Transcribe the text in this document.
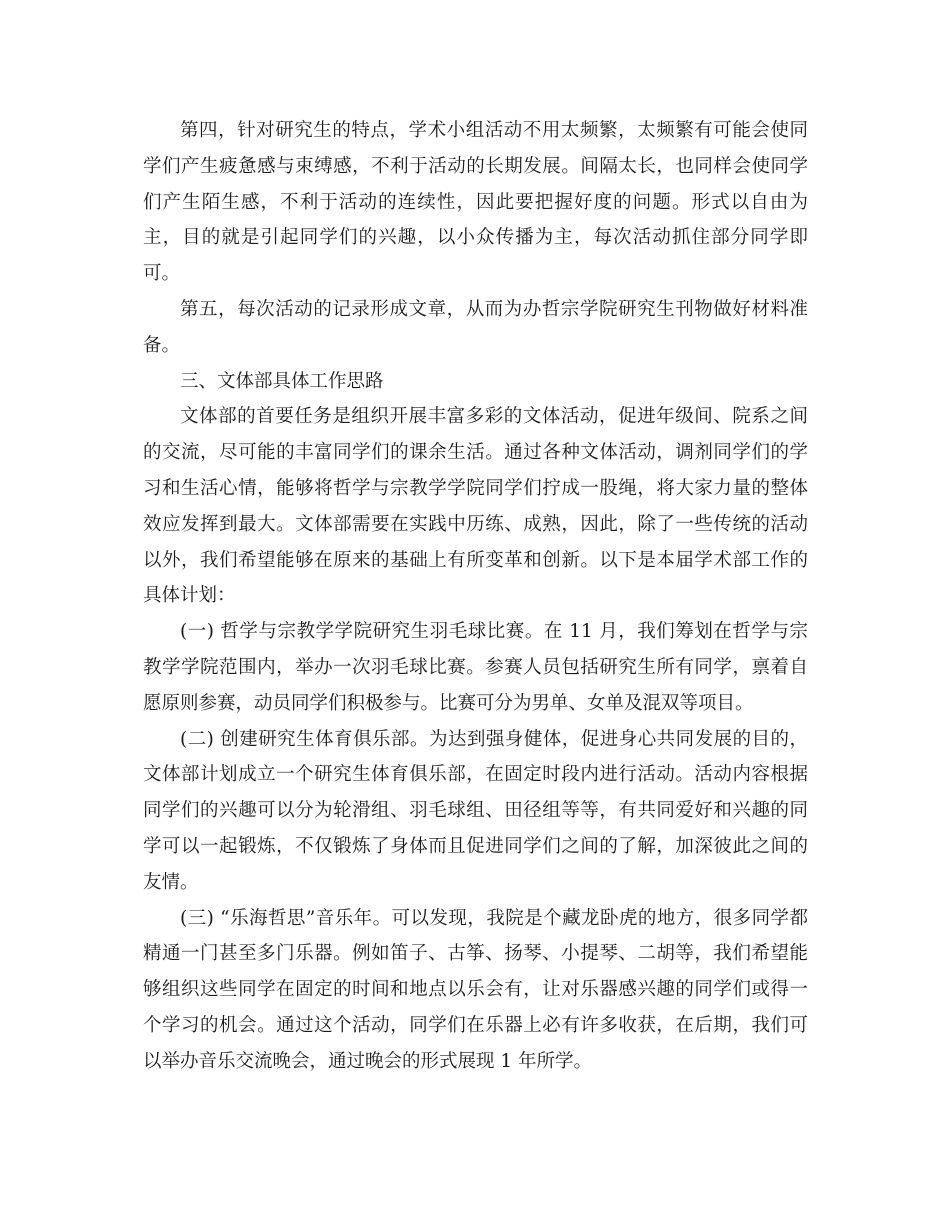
第四，针对研究生的特点，学术小组活动不用太频繁，太频繁有可能会使同学们产生疲惫感与束缚感，不利于活动的长期发展。间隔太长，也同样会使同学们产生陌生感，不利于活动的连续性，因此要把握好度的问题。形式以自由为主，目的就是引起同学们的兴趣，以小众传播为主，每次活动抓住部分同学即可。

第五，每次活动的记录形成文章，从而为办哲宗学院研究生刊物做好材料准备。

三、文体部具体工作思路

文体部的首要任务是组织开展丰富多彩的文体活动，促进年级间、院系之间的交流，尽可能的丰富同学们的课余生活。通过各种文体活动，调剂同学们的学习和生活心情，能够将哲学与宗教学学院同学们拧成一股绳，将大家力量的整体效应发挥到最大。文体部需要在实践中历练、成熟，因此，除了一些传统的活动以外，我们希望能够在原来的基础上有所变革和创新。以下是本届学术部工作的具体计划：

(一) 哲学与宗教学学院研究生羽毛球比赛。在 11 月，我们筹划在哲学与宗教学学院范围内，举办一次羽毛球比赛。参赛人员包括研究生所有同学，禀着自愿原则参赛，动员同学们积极参与。比赛可分为男单、女单及混双等项目。

(二) 创建研究生体育俱乐部。为达到强身健体，促进身心共同发展的目的，文体部计划成立一个研究生体育俱乐部，在固定时段内进行活动。活动内容根据同学们的兴趣可以分为轮滑组、羽毛球组、田径组等等，有共同爱好和兴趣的同学可以一起锻炼，不仅锻炼了身体而且促进同学们之间的了解，加深彼此之间的友情。

(三) “乐海哲思”音乐年。可以发现，我院是个藏龙卧虎的地方，很多同学都精通一门甚至多门乐器。例如笛子、古筝、扬琴、小提琴、二胡等，我们希望能够组织这些同学在固定的时间和地点以乐会有，让对乐器感兴趣的同学们或得一个学习的机会。通过这个活动，同学们在乐器上必有许多收获，在后期，我们可以举办音乐交流晚会，通过晚会的形式展现 1 年所学。
